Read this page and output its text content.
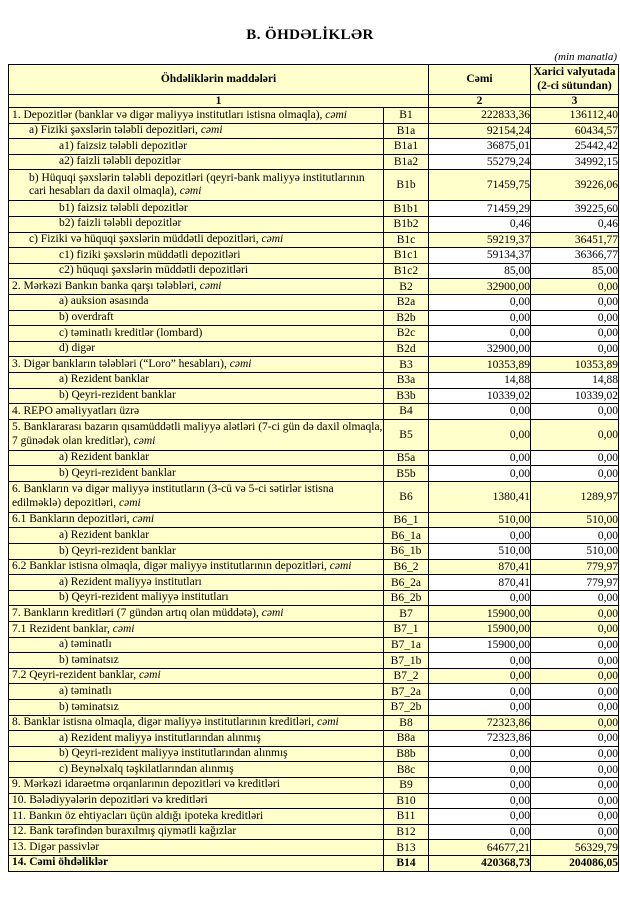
B. ÖHDƏLİKLƏR
(min manatla)
Öhdəliklərin maddələri		Cəmi	Xarici valyutada
(2-ci sütundan)

1		2	3
1. Depozitlər (banklar və digər maliyyə institutları istisna olmaqla), cəmi	B1	222833,36	136112,40
a) Fiziki şəxslərin tələbli depozitləri, cəmi	B1a	92154,24	60434,57
a1) faizsiz tələbli depozitlər	B1a1	36875,01	25442,42
a2) faizli tələbli depozitlər	B1a2	55279,24	34992,15
b) Hüquqi şəxslərin tələbli depozitləri (qeyri-bank maliyyə institutlarının cari hesabları da daxil olmaqla), cəmi	B1b	71459,75	39226,06
b1) faizsiz tələbli depozitlər	B1b1	71459,29	39225,60
b2) faizli tələbli depozitlər	B1b2	0,46	0,46
c) Fiziki və hüquqi şəxslərin müddətli depozitləri, cəmi	B1c	59219,37	36451,77
c1) fiziki şəxslərin müddətli depozitləri	B1c1	59134,37	36366,77
c2) hüquqi şəxslərin müddətli depozitləri	B1c2	85,00	85,00
2. Mərkəzi Bankın banka qarşı tələbləri, cəmi	B2	32900,00	0,00
a) auksion əsasında	B2a	0,00	0,00
b) overdraft	B2b	0,00	0,00
c) təminatlı kreditlər (lombard)	B2c	0,00	0,00
d) digər	B2d	32900,00	0,00
3. Digər bankların tələbləri (“Loro” hesabları), cəmi	B3	10353,89	10353,89
a) Rezident banklar	B3a	14,88	14,88
b) Qeyri-rezident banklar	B3b	10339,02	10339,02
4. REPO əməliyyatları üzrə	B4	0,00	0,00
5. Banklararası bazarın qısamüddətli maliyyə alətləri (7-ci gün də daxil olmaqla, 7 günədək olan kreditlər), cəmi	B5	0,00	0,00
a) Rezident banklar	B5a	0,00	0,00
b) Qeyri-rezident banklar	B5b	0,00	0,00
6. Bankların və digər maliyyə institutların (3-cü və 5-ci sətirlər istisna edilməklə) depozitləri, cəmi	B6	1380,41	1289,97
6.1 Bankların depozitləri, cəmi	B6_1	510,00	510,00
a) Rezident banklar	B6_1a	0,00	0,00
b) Qeyri-rezident banklar	B6_1b	510,00	510,00
6.2 Banklar istisna olmaqla, digər maliyyə institutlarının depozitləri, cəmi	B6_2	870,41	779,97
a) Rezident maliyyə institutları	B6_2a	870,41	779,97
b) Qeyri-rezident maliyyə institutları	B6_2b	0,00	0,00
7. Bankların kreditləri (7 gündən artıq olan müddətə), cəmi	B7	15900,00	0,00
7.1 Rezident banklar, cəmi	B7_1	15900,00	0,00
a) təminatlı	B7_1a	15900,00	0,00
b) təminatsız	B7_1b	0,00	0,00
7.2 Qeyri-rezident banklar, cəmi	B7_2	0,00	0,00
a) təminatlı	B7_2a	0,00	0,00
b) təminatsız	B7_2b	0,00	0,00
8. Banklar istisna olmaqla, digər maliyyə institutlarının kreditləri, cəmi	B8	72323,86	0,00
a) Rezident maliyyə institutlarından alınmış	B8a	72323,86	0,00
b) Qeyri-rezident maliyyə institutlarından alınmış	B8b	0,00	0,00
c) Beynəlxalq təşkilatlarından alınmış	B8c	0,00	0,00
9. Mərkəzi idarəetmə orqanlarının depozitləri və kreditləri	B9	0,00	0,00
10. Bələdiyyələrin depozitləri və kreditləri	B10	0,00	0,00
11. Bankın öz ehtiyacları üçün aldığı ipoteka kreditləri	B11	0,00	0,00
12. Bank tərəfindən buraxılmış qiymətli kağızlar	B12	0,00	0,00
13. Digər passivlər	B13	64677,21	56329,79
14. Cəmi öhdəliklər	B14	420368,73	204086,05
